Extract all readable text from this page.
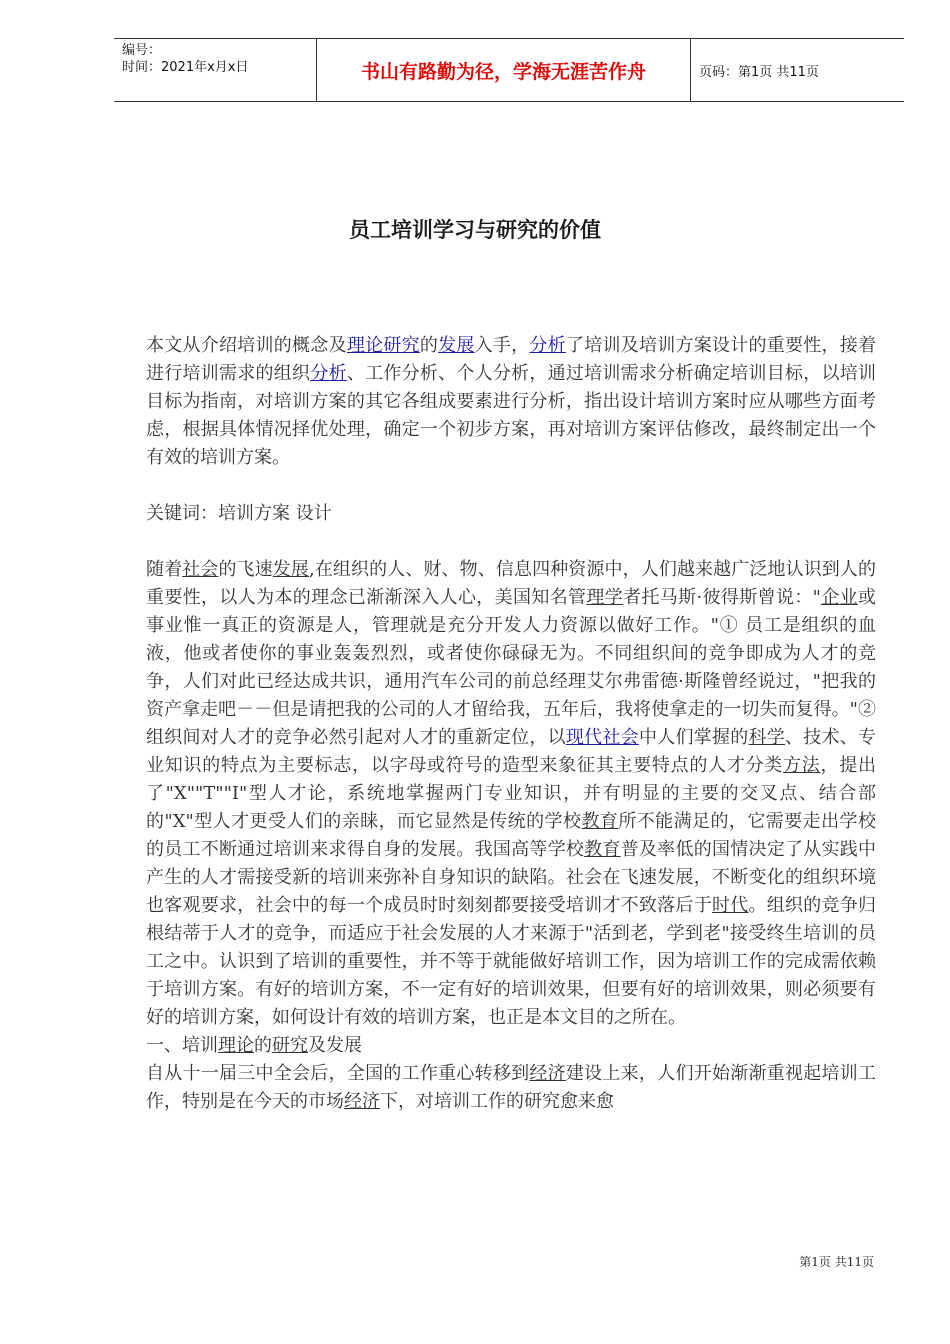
编号：
时间：2021年x月x日	书山有路勤为径，学海无涯苦作舟	页码：第1页 共11页
员工培训学习与研究的价值

本文从介绍培训的概念及理论研究的发展入手，分析了培训及培训方案设计的重要性，接着进行培训需求的组织分析、工作分析、个人分析，通过培训需求分析确定培训目标，以培训目标为指南，对培训方案的其它各组成要素进行分析，指出设计培训方案时应从哪些方面考虑，根据具体情况择优处理，确定一个初步方案，再对培训方案评估修改，最终制定出一个有效的培训方案。

关键词：培训方案 设计

随着社会的飞速发展,在组织的人、财、物、信息四种资源中，人们越来越广泛地认识到人的重要性，以人为本的理念已渐渐深入人心，美国知名管理学者托马斯·彼得斯曾说："企业或事业惟一真正的资源是人，管理就是充分开发人力资源以做好工作。"① 员工是组织的血液，他或者使你的事业轰轰烈烈，或者使你碌碌无为。不同组织间的竞争即成为人才的竞争，人们对此已经达成共识，通用汽车公司的前总经理艾尔弗雷德·斯隆曾经说过，"把我的资产拿走吧－－但是请把我的公司的人才留给我，五年后，我将使拿走的一切失而复得。"② 组织间对人才的竞争必然引起对人才的重新定位，以现代社会中人们掌握的科学、技术、专业知识的特点为主要标志，以字母或符号的造型来象征其主要特点的人才分类方法，提出了"X""T""I"型人才论，系统地掌握两门专业知识，并有明显的主要的交叉点、结合部的"X"型人才更受人们的亲睐，而它显然是传统的学校教育所不能满足的，它需要走出学校的员工不断通过培训来求得自身的发展。我国高等学校教育普及率低的国情决定了从实践中产生的人才需接受新的培训来弥补自身知识的缺陷。社会在飞速发展，不断变化的组织环境也客观要求，社会中的每一个成员时时刻刻都要接受培训才不致落后于时代。组织的竞争归根结蒂于人才的竞争，而适应于社会发展的人才来源于"活到老，学到老"接受终生培训的员工之中。认识到了培训的重要性，并不等于就能做好培训工作，因为培训工作的完成需依赖于培训方案。有好的培训方案，不一定有好的培训效果，但要有好的培训效果，则必须要有好的培训方案，如何设计有效的培训方案，也正是本文目的之所在。

一、培训理论的研究及发展

自从十一届三中全会后，全国的工作重心转移到经济建设上来，人们开始渐渐重视起培训工作，特别是在今天的市场经济下，对培训工作的研究愈来愈

第1页 共11页
